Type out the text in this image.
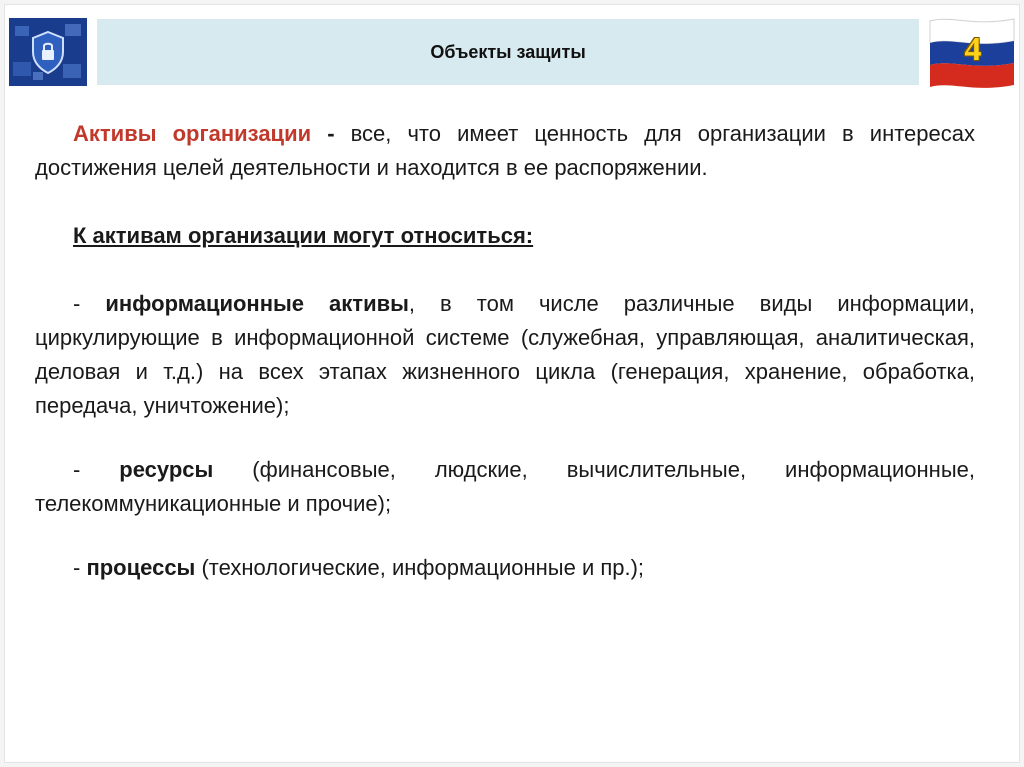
Объекты защиты	4

Активы организации - все, что имеет ценность для организации в интересах достижения целей деятельности и находится в ее распоряжении.

К активам организации могут относиться:

- информационные активы, в том числе различные виды информации, циркулирующие в информационной системе (служебная, управляющая, аналитическая, деловая и т.д.) на всех этапах жизненного цикла (генерация, хранение, обработка, передача, уничтожение);

- ресурсы (финансовые, людские, вычислительные, информационные, телекоммуникационные и прочие);

- процессы (технологические, информационные и пр.);
